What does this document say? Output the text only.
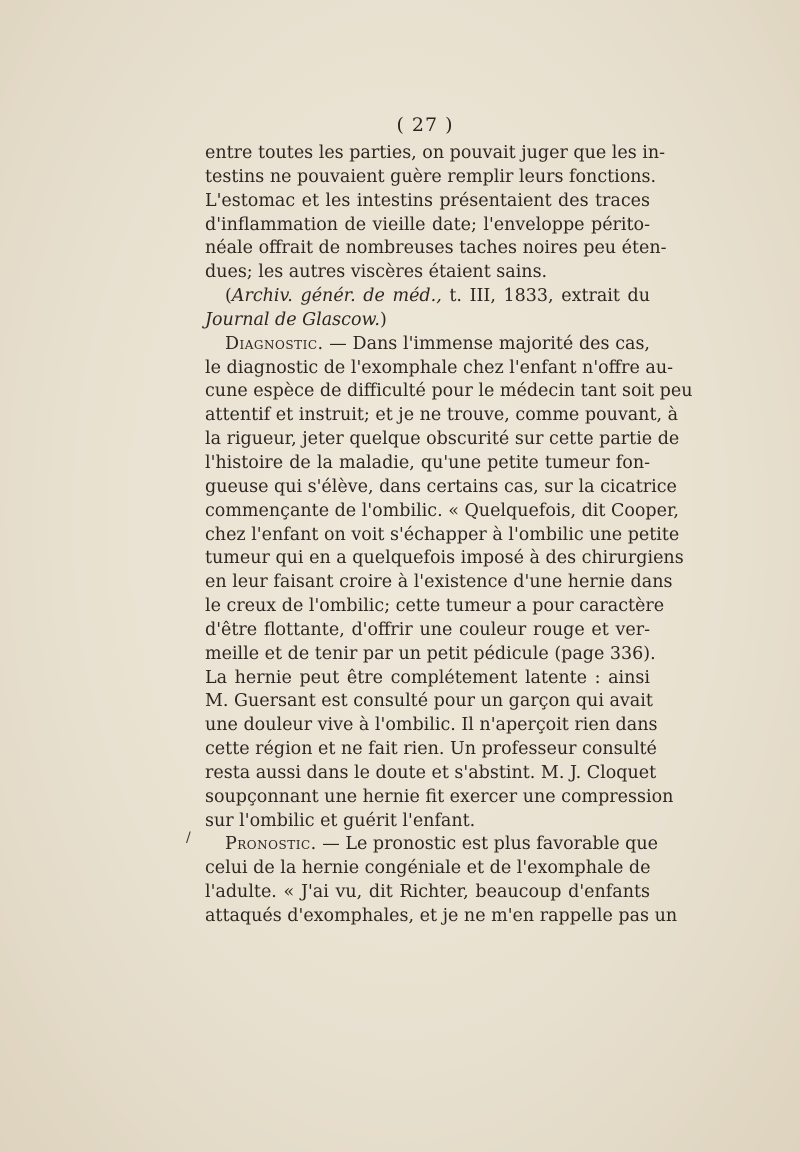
( 27 )
entre toutes les parties, on pouvait juger que les in-
testins ne pouvaient guère remplir leurs fonctions.
L'estomac et les intestins présentaient des traces
d'inflammation de vieille date; l'enveloppe périto-
néale offrait de nombreuses taches noires peu éten-
dues; les autres viscères étaient sains.
(Archiv. génér. de méd., t. III, 1833, extrait du
Journal de Glascow.)
Diagnostic. — Dans l'immense majorité des cas,
le diagnostic de l'exomphale chez l'enfant n'offre au-
cune espèce de difficulté pour le médecin tant soit peu
attentif et instruit; et je ne trouve, comme pouvant, à
la rigueur, jeter quelque obscurité sur cette partie de
l'histoire de la maladie, qu'une petite tumeur fon-
gueuse qui s'élève, dans certains cas, sur la cicatrice
commençante de l'ombilic. « Quelquefois, dit Cooper,
chez l'enfant on voit s'échapper à l'ombilic une petite
tumeur qui en a quelquefois imposé à des chirurgiens
en leur faisant croire à l'existence d'une hernie dans
le creux de l'ombilic; cette tumeur a pour caractère
d'être flottante, d'offrir une couleur rouge et ver-
meille et de tenir par un petit pédicule (page 336).
La hernie peut être complétement latente : ainsi
M. Guersant est consulté pour un garçon qui avait
une douleur vive à l'ombilic. Il n'aperçoit rien dans
cette région et ne fait rien. Un professeur consulté
resta aussi dans le doute et s'abstint. M. J. Cloquet
soupçonnant une hernie fit exercer une compression
sur l'ombilic et guérit l'enfant.
Pronostic. — Le pronostic est plus favorable que
celui de la hernie congéniale et de l'exomphale de
l'adulte. « J'ai vu, dit Richter, beaucoup d'enfants
attaqués d'exomphales, et je ne m'en rappelle pas un
/
